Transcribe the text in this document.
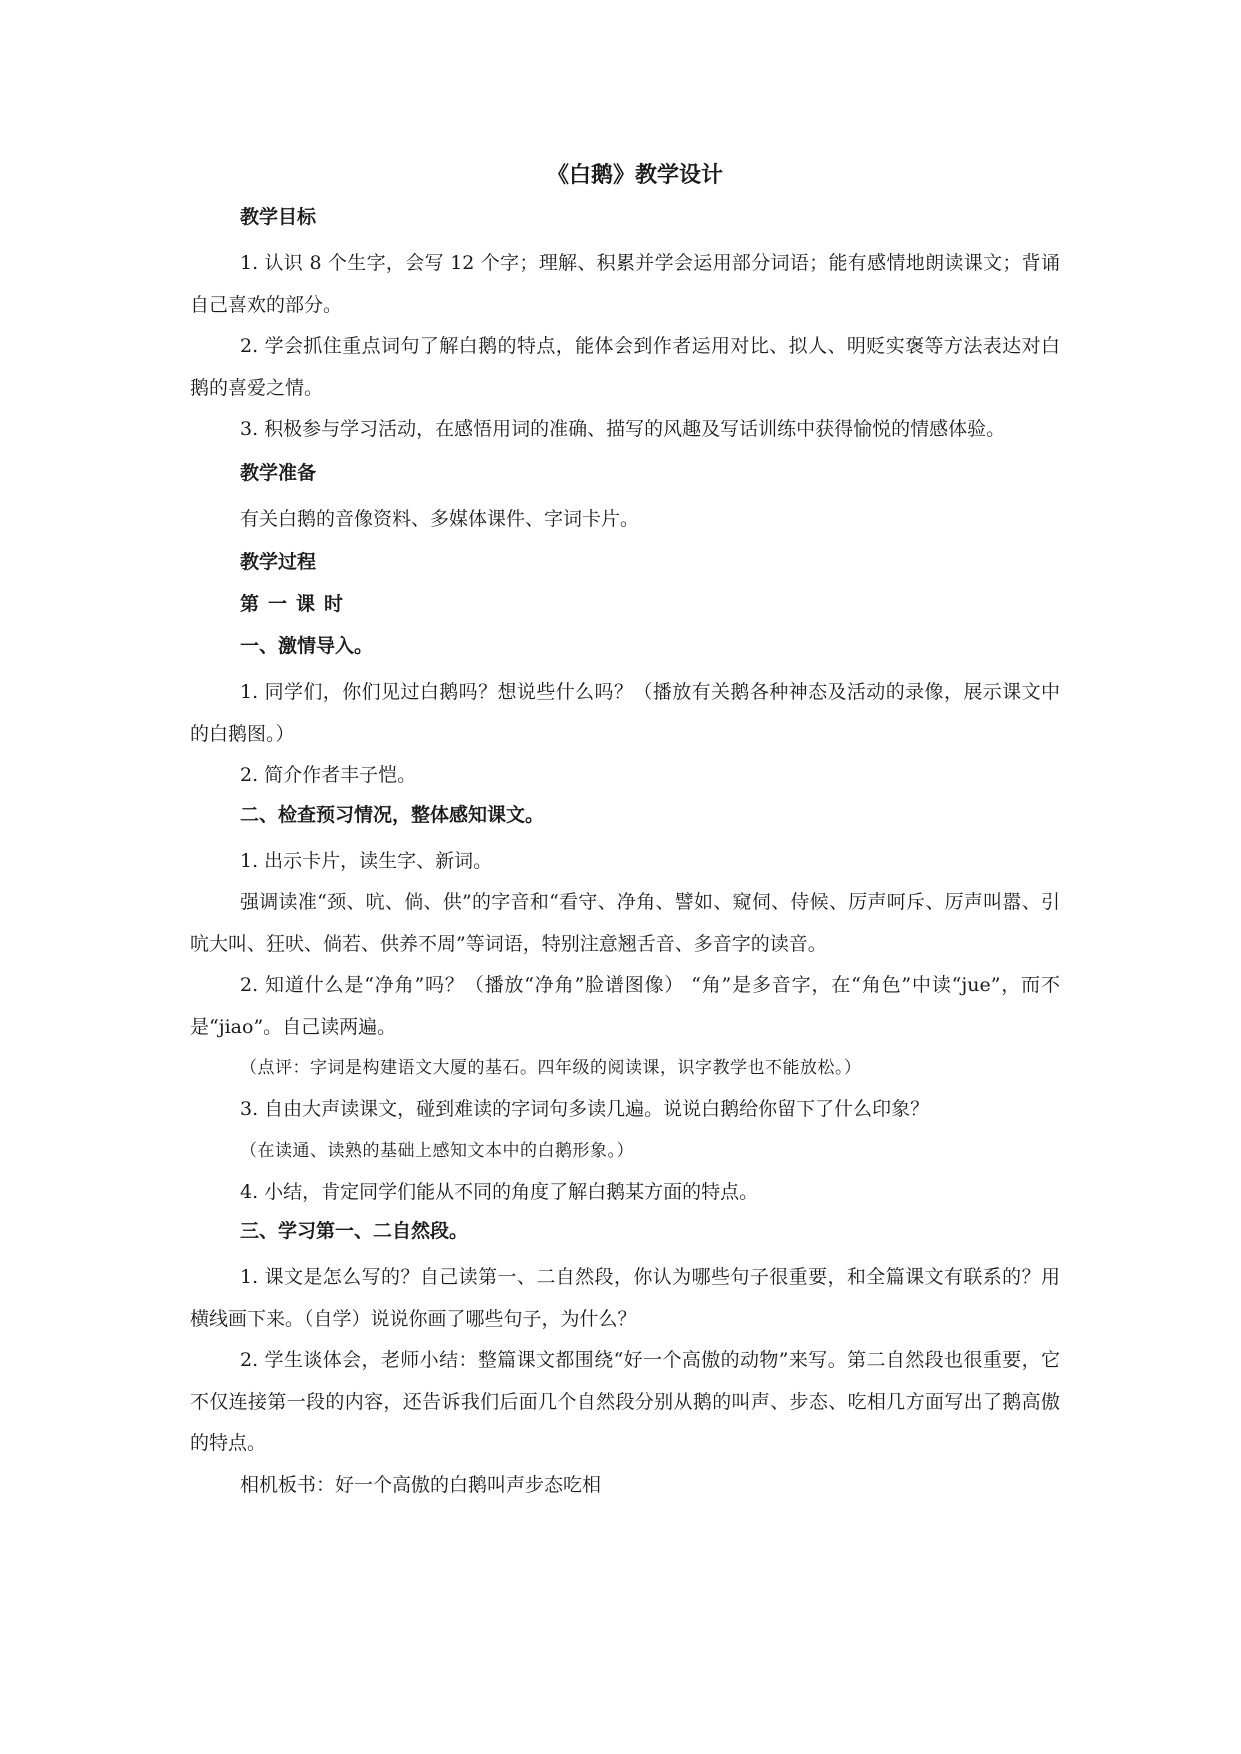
《白鹅》教学设计
教学目标

1. 认识 8 个生字，会写 12 个字；理解、积累并学会运用部分词语；能有感情地朗读课文；背诵自己喜欢的部分。

2. 学会抓住重点词句了解白鹅的特点，能体会到作者运用对比、拟人、明贬实褒等方法表达对白鹅的喜爱之情。

3. 积极参与学习活动，在感悟用词的准确、描写的风趣及写话训练中获得愉悦的情感体验。

教学准备

有关白鹅的音像资料、多媒体课件、字词卡片。

教学过程
第一课时
一、激情导入。

1. 同学们，你们见过白鹅吗？想说些什么吗？（播放有关鹅各种神态及活动的录像，展示课文中的白鹅图。）

2. 简介作者丰子恺。

二、检查预习情况，整体感知课文。

1. 出示卡片，读生字、新词。

强调读准“颈、吭、倘、供”的字音和“看守、净角、譬如、窥伺、侍候、厉声呵斥、厉声叫嚣、引吭大叫、狂吠、倘若、供养不周”等词语，特别注意翘舌音、多音字的读音。

2. 知道什么是“净角”吗？（播放“净角”脸谱图像） “角”是多音字，在“角色”中读“jue”，而不是“jiao”。自己读两遍。

（点评：字词是构建语文大厦的基石。四年级的阅读课，识字教学也不能放松。）

3. 自由大声读课文，碰到难读的字词句多读几遍。说说白鹅给你留下了什么印象？

（在读通、读熟的基础上感知文本中的白鹅形象。）

4. 小结，肯定同学们能从不同的角度了解白鹅某方面的特点。

三、学习第一、二自然段。

1. 课文是怎么写的？自己读第一、二自然段，你认为哪些句子很重要，和全篇课文有联系的？用横线画下来。（自学）说说你画了哪些句子，为什么？

2. 学生谈体会，老师小结：整篇课文都围绕“好一个高傲的动物”来写。第二自然段也很重要，它不仅连接第一段的内容，还告诉我们后面几个自然段分别从鹅的叫声、步态、吃相几方面写出了鹅高傲的特点。

相机板书：好一个高傲的白鹅叫声步态吃相
